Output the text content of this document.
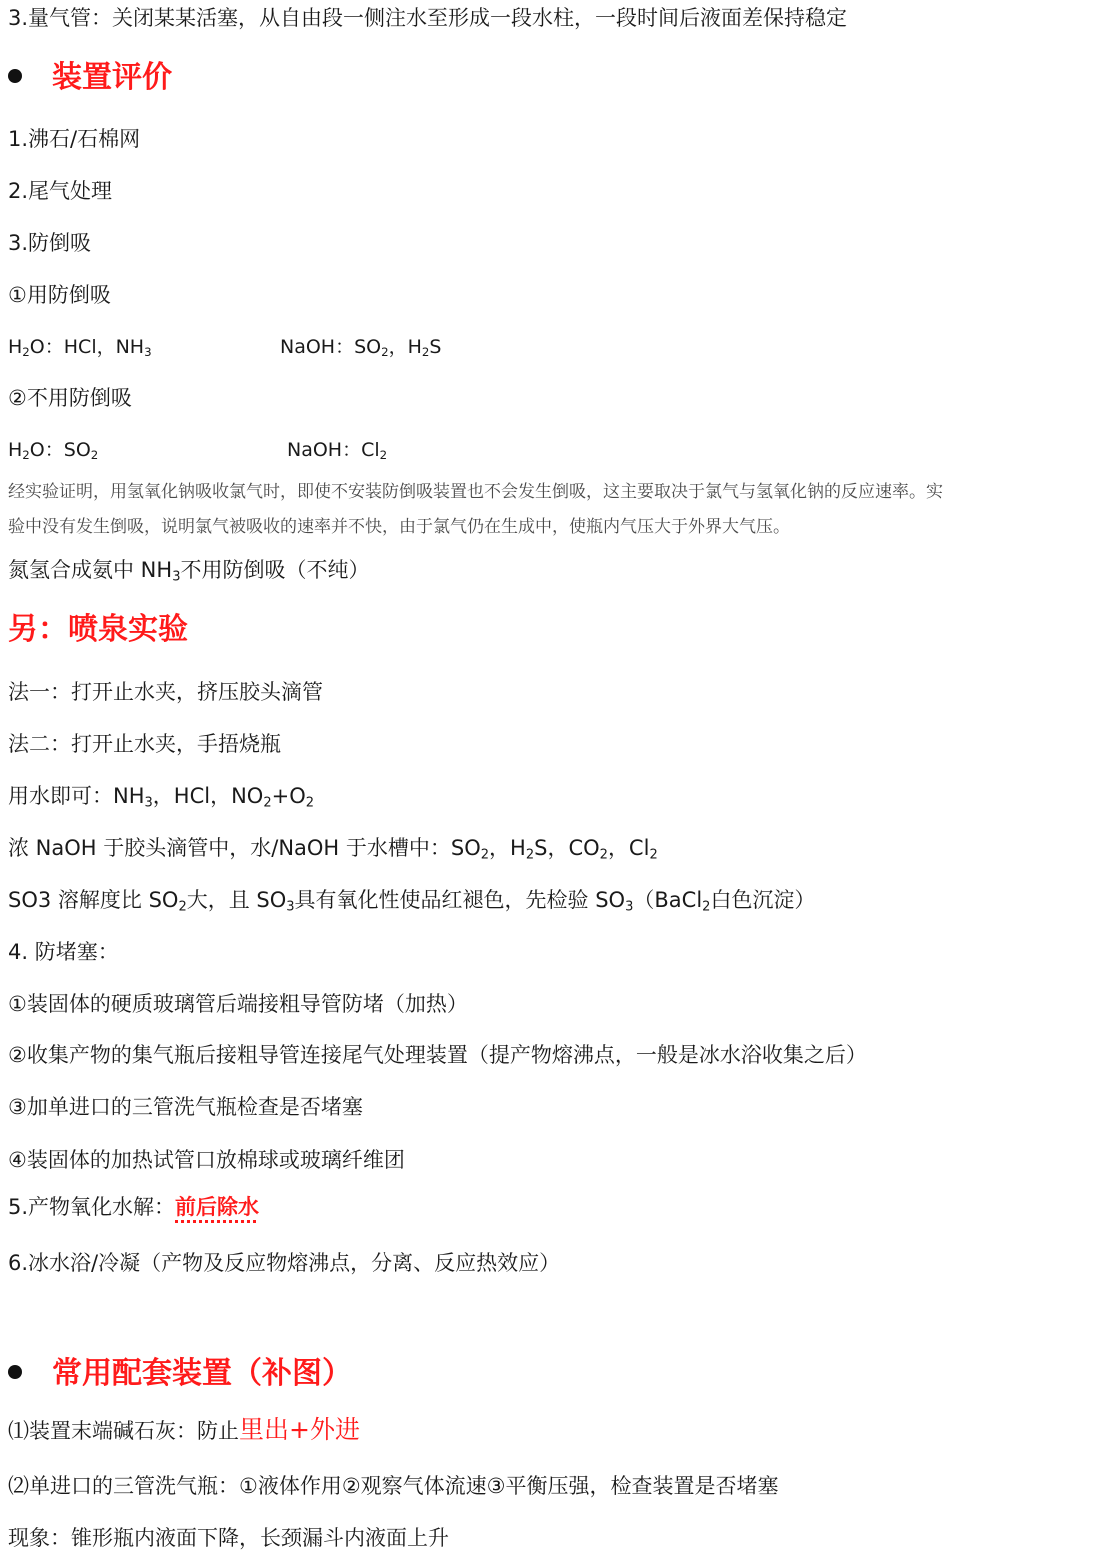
3.量气管：关闭某某活塞，从自由段一侧注水至形成一段水柱，一段时间后液面差保持稳定
装置评价
1.沸石/石棉网
2.尾气处理
3.防倒吸
①用防倒吸
$H_2O$：HCl，$NH_3$	NaOH：$SO_2$，$H_2S$
②不用防倒吸
$H_2O$：$SO_2$	NaOH：$Cl_2$
经实验证明，用氢氧化钠吸收氯气时，即使不安装防倒吸装置也不会发生倒吸，这主要取决于氯气与氢氧化钠的反应速率。实
验中没有发生倒吸，说明氯气被吸收的速率并不快，由于氯气仍在生成中，使瓶内气压大于外界大气压。
氮氢合成氨中 $NH_3$不用防倒吸（不纯）
另：喷泉实验
法一：打开止水夹，挤压胶头滴管
法二：打开止水夹，手捂烧瓶
用水即可：$NH_3$，HCl，$NO_2+O_2$
浓 NaOH 于胶头滴管中，水/NaOH 于水槽中：$SO_2$，$H_2S$，$CO_2$，$Cl_2$
SO3 溶解度比 $SO_2$大，且 $SO_3$具有氧化性使品红褪色，先检验 $SO_3(BaCl_2$白色沉淀）
4. 防堵塞：
①装固体的硬质玻璃管后端接粗导管防堵（加热）
②收集产物的集气瓶后接粗导管连接尾气处理装置（提产物熔沸点，一般是冰水浴收集之后）
③加单进口的三管洗气瓶检查是否堵塞
④装固体的加热试管口放棉球或玻璃纤维团
5.产物氧化水解：前后除水
6.冰水浴/冷凝（产物及反应物熔沸点，分离、反应热效应）
常用配套装置（补图）
⑴装置末端碱石灰：防止里出+外进
⑵单进口的三管洗气瓶：①液体作用②观察气体流速③平衡压强，检查装置是否堵塞
现象：锥形瓶内液面下降，长颈漏斗内液面上升
